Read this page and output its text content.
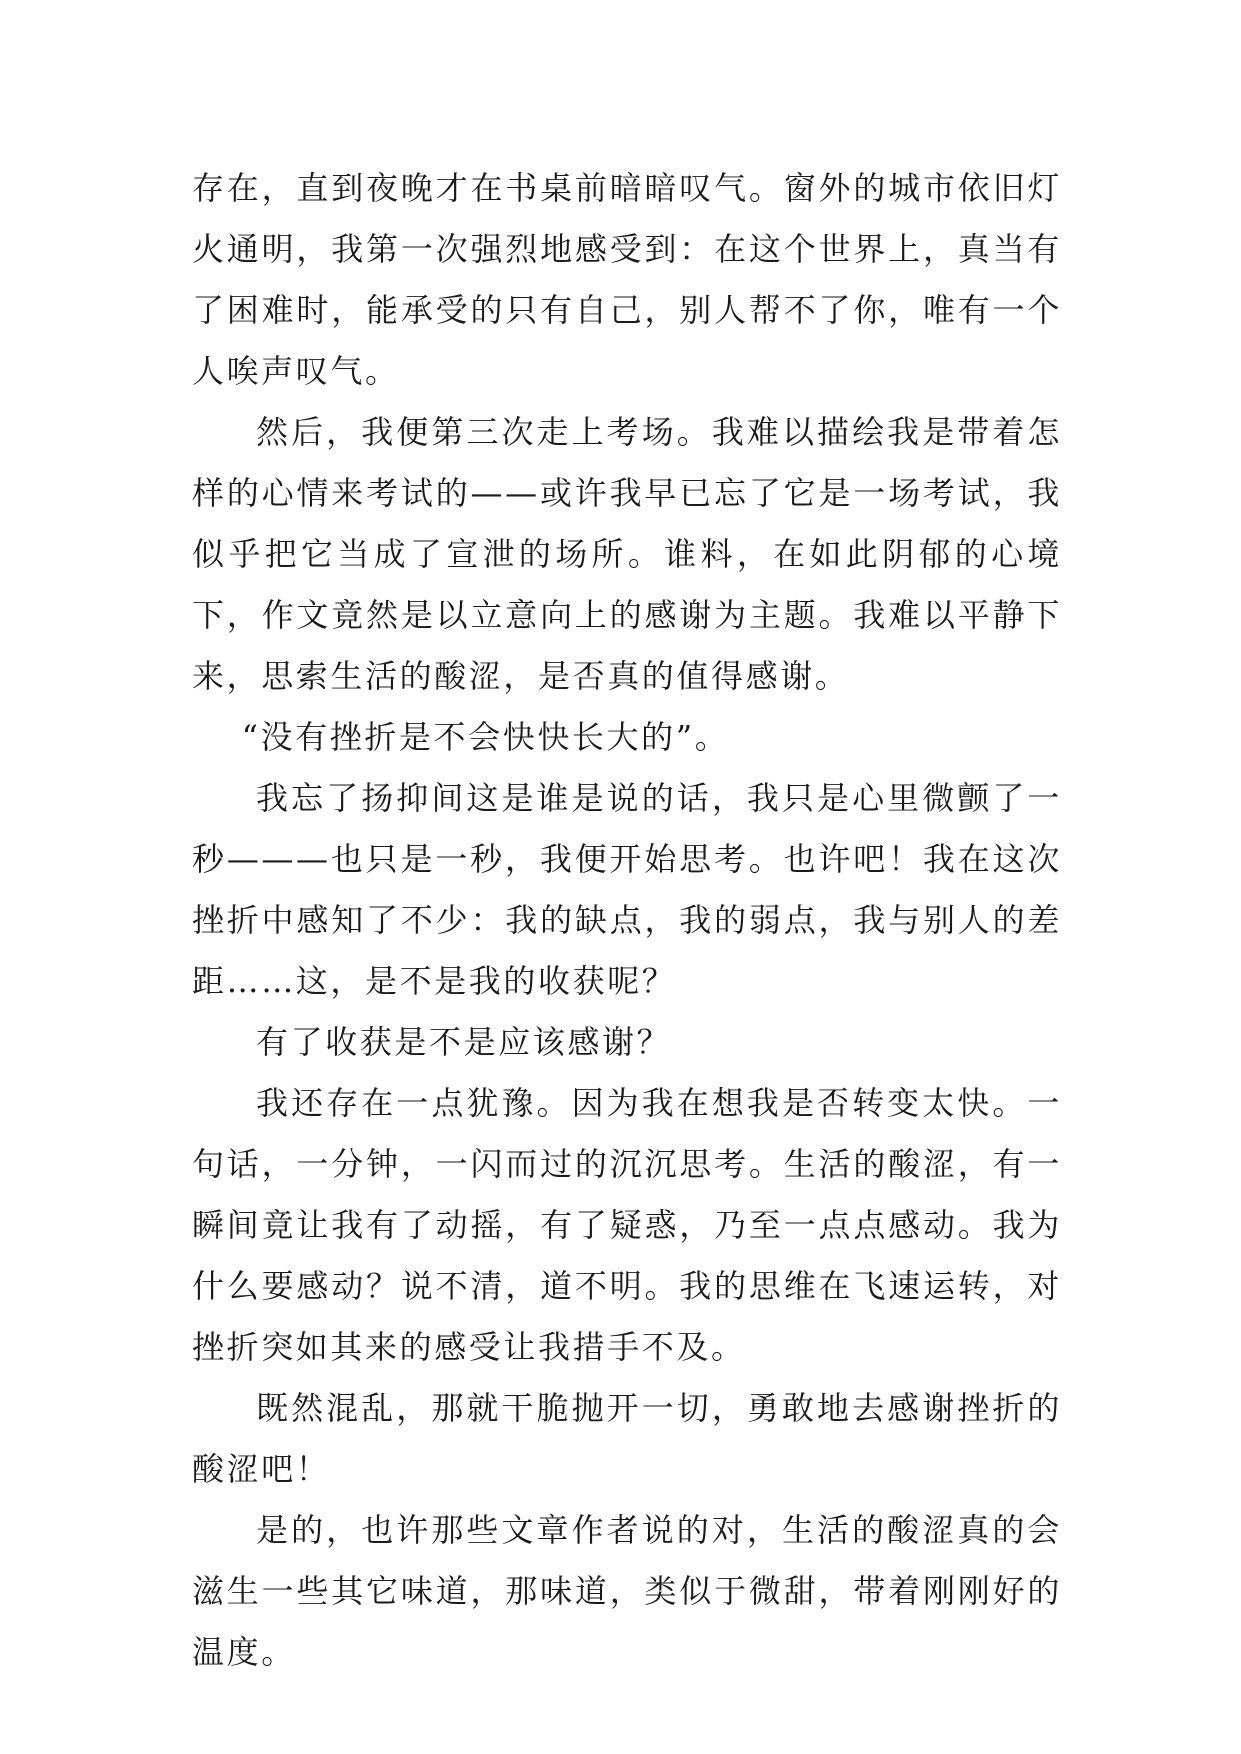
存在，直到夜晚才在书桌前暗暗叹气。窗外的城市依旧灯火通明，我第一次强烈地感受到：在这个世界上，真当有了困难时，能承受的只有自己，别人帮不了你，唯有一个人唉声叹气。

然后，我便第三次走上考场。我难以描绘我是带着怎样的心情来考试的——或许我早已忘了它是一场考试，我似乎把它当成了宣泄的场所。谁料，在如此阴郁的心境下，作文竟然是以立意向上的感谢为主题。我难以平静下来，思索生活的酸涩，是否真的值得感谢。

“没有挫折是不会快快长大的”。

我忘了扬抑间这是谁是说的话，我只是心里微颤了一秒———也只是一秒，我便开始思考。也许吧！我在这次挫折中感知了不少：我的缺点，我的弱点，我与别人的差距……这，是不是我的收获呢？

有了收获是不是应该感谢？

我还存在一点犹豫。因为我在想我是否转变太快。一句话，一分钟，一闪而过的沉沉思考。生活的酸涩，有一瞬间竟让我有了动摇，有了疑惑，乃至一点点感动。我为什么要感动？说不清，道不明。我的思维在飞速运转，对挫折突如其来的感受让我措手不及。

既然混乱，那就干脆抛开一切，勇敢地去感谢挫折的酸涩吧！

是的，也许那些文章作者说的对，生活的酸涩真的会滋生一些其它味道，那味道，类似于微甜，带着刚刚好的温度。
